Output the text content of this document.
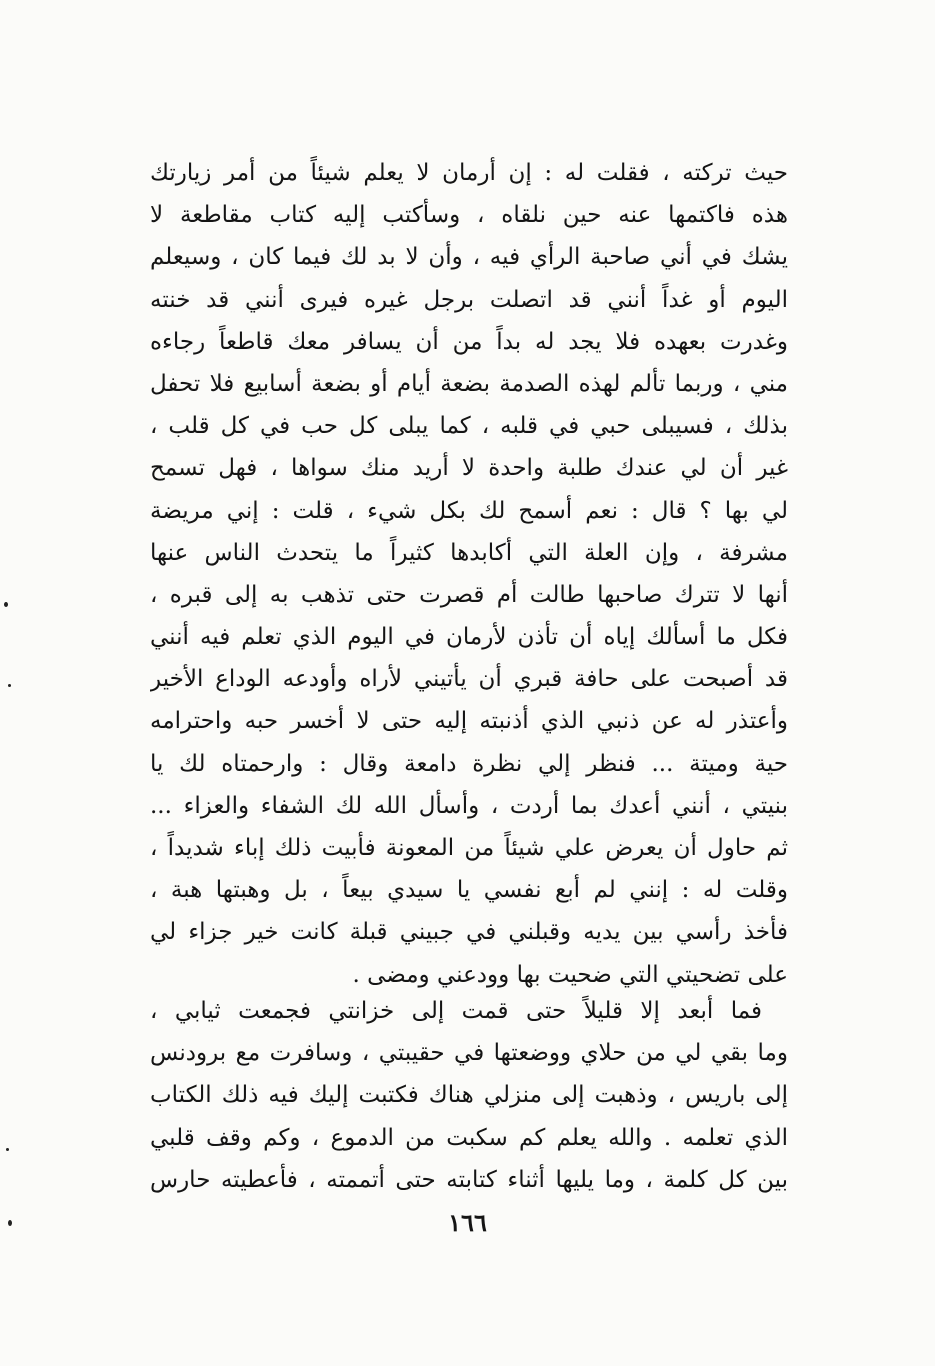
حيث تركته ، فقلت له : إن أرمان لا يعلم شيئاً من أمر زيارتك
هذه فاكتمها عنه حين نلقاه ، وسأكتب إليه كتاب مقاطعة لا
يشك في أني صاحبة الرأي فيه ، وأن لا بد لك فيما كان ، وسيعلم
اليوم أو غداً أنني قد اتصلت برجل غيره فيرى أنني قد خنته
وغدرت بعهده فلا يجد له بداً من أن يسافر معك قاطعاً رجاءه
مني ، وربما تألم لهذه الصدمة بضعة أيام أو بضعة أسابيع فلا تحفل
بذلك ، فسيبلى حبي في قلبه ، كما يبلى كل حب في كل قلب ،
غير أن لي عندك طلبة واحدة لا أريد منك سواها ، فهل تسمح
لي بها ؟ قال : نعم أسمح لك بكل شيء ، قلت : إني مريضة
مشرفة ، وإن العلة التي أكابدها كثيراً ما يتحدث الناس عنها
أنها لا تترك صاحبها طالت أم قصرت حتى تذهب به إلى قبره ،
فكل ما أسألك إياه أن تأذن لأرمان في اليوم الذي تعلم فيه أنني
قد أصبحت على حافة قبري أن يأتيني لأراه وأودعه الوداع الأخير
وأعتذر له عن ذنبي الذي أذنبته إليه حتى لا أخسر حبه واحترامه
حية وميتة ... فنظر إلي نظرة دامعة وقال : وارحمتاه لك يا
بنيتي ، أنني أعدك بما أردت ، وأسأل الله لك الشفاء والعزاء ...
ثم حاول أن يعرض علي شيئاً من المعونة فأبيت ذلك إباء شديداً ،
وقلت له : إنني لم أبع نفسي يا سيدي بيعاً ، بل وهبتها هبة ،
فأخذ رأسي بين يديه وقبلني في جبيني قبلة كانت خير جزاء لي
على تضحيتي التي ضحيت بها وودعني ومضى .
فما أبعد إلا قليلاً حتى قمت إلى خزانتي فجمعت ثيابي ،
وما بقي لي من حلاي ووضعتها في حقيبتي ، وسافرت مع برودنس
إلى باريس ، وذهبت إلى منزلي هناك فكتبت إليك فيه ذلك الكتاب
الذي تعلمه . والله يعلم كم سكبت من الدموع ، وكم وقف قلبي
بين كل كلمة ، وما يليها أثناء كتابته حتى أتممته ، فأعطيته حارس
١٦٦
